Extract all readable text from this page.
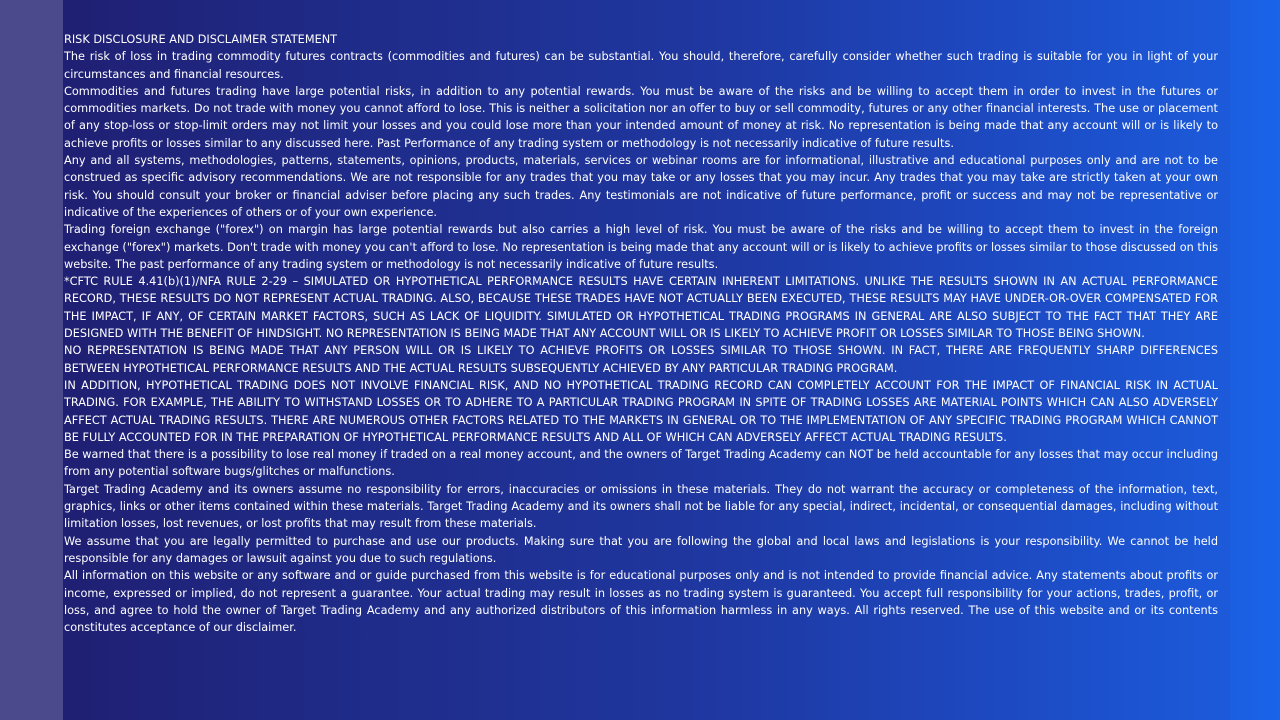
RISK DISCLOSURE AND DISCLAIMER STATEMENT

The risk of loss in trading commodity futures contracts (commodities and futures) can be substantial. You should, therefore, carefully consider whether such trading is suitable for you in light of your circumstances and financial resources.

Commodities and futures trading have large potential risks, in addition to any potential rewards. You must be aware of the risks and be willing to accept them in order to invest in the futures or commodities markets. Do not trade with money you cannot afford to lose. This is neither a solicitation nor an offer to buy or sell commodity, futures or any other financial interests. The use or placement of any stop-loss or stop-limit orders may not limit your losses and you could lose more than your intended amount of money at risk. No representation is being made that any account will or is likely to achieve profits or losses similar to any discussed here. Past Performance of any trading system or methodology is not necessarily indicative of future results.

Any and all systems, methodologies, patterns, statements, opinions, products, materials, services or webinar rooms are for informational, illustrative and educational purposes only and are not to be construed as specific advisory recommendations. We are not responsible for any trades that you may take or any losses that you may incur. Any trades that you may take are strictly taken at your own risk. You should consult your broker or financial adviser before placing any such trades. Any testimonials are not indicative of future performance, profit or success and may not be representative or indicative of the experiences of others or of your own experience.

Trading foreign exchange ("forex") on margin has large potential rewards but also carries a high level of risk. You must be aware of the risks and be willing to accept them to invest in the foreign exchange ("forex") markets. Don't trade with money you can't afford to lose. No representation is being made that any account will or is likely to achieve profits or losses similar to those discussed on this website. The past performance of any trading system or methodology is not necessarily indicative of future results.

*CFTC RULE 4.41(b)(1)/NFA RULE 2-29 – SIMULATED OR HYPOTHETICAL PERFORMANCE RESULTS HAVE CERTAIN INHERENT LIMITATIONS. UNLIKE THE RESULTS SHOWN IN AN ACTUAL PERFORMANCE RECORD, THESE RESULTS DO NOT REPRESENT ACTUAL TRADING. ALSO, BECAUSE THESE TRADES HAVE NOT ACTUALLY BEEN EXECUTED, THESE RESULTS MAY HAVE UNDER-OR-OVER COMPENSATED FOR THE IMPACT, IF ANY, OF CERTAIN MARKET FACTORS, SUCH AS LACK OF LIQUIDITY. SIMULATED OR HYPOTHETICAL TRADING PROGRAMS IN GENERAL ARE ALSO SUBJECT TO THE FACT THAT THEY ARE DESIGNED WITH THE BENEFIT OF HINDSIGHT. NO REPRESENTATION IS BEING MADE THAT ANY ACCOUNT WILL OR IS LIKELY TO ACHIEVE PROFIT OR LOSSES SIMILAR TO THOSE BEING SHOWN.

NO REPRESENTATION IS BEING MADE THAT ANY PERSON WILL OR IS LIKELY TO ACHIEVE PROFITS OR LOSSES SIMILAR TO THOSE SHOWN. IN FACT, THERE ARE FREQUENTLY SHARP DIFFERENCES BETWEEN HYPOTHETICAL PERFORMANCE RESULTS AND THE ACTUAL RESULTS SUBSEQUENTLY ACHIEVED BY ANY PARTICULAR TRADING PROGRAM.

IN ADDITION, HYPOTHETICAL TRADING DOES NOT INVOLVE FINANCIAL RISK, AND NO HYPOTHETICAL TRADING RECORD CAN COMPLETELY ACCOUNT FOR THE IMPACT OF FINANCIAL RISK IN ACTUAL TRADING. FOR EXAMPLE, THE ABILITY TO WITHSTAND LOSSES OR TO ADHERE TO A PARTICULAR TRADING PROGRAM IN SPITE OF TRADING LOSSES ARE MATERIAL POINTS WHICH CAN ALSO ADVERSELY AFFECT ACTUAL TRADING RESULTS. THERE ARE NUMEROUS OTHER FACTORS RELATED TO THE MARKETS IN GENERAL OR TO THE IMPLEMENTATION OF ANY SPECIFIC TRADING PROGRAM WHICH CANNOT BE FULLY ACCOUNTED FOR IN THE PREPARATION OF HYPOTHETICAL PERFORMANCE RESULTS AND ALL OF WHICH CAN ADVERSELY AFFECT ACTUAL TRADING RESULTS.

Be warned that there is a possibility to lose real money if traded on a real money account, and the owners of Target Trading Academy can NOT be held accountable for any losses that may occur including from any potential software bugs/glitches or malfunctions.

Target Trading Academy and its owners assume no responsibility for errors, inaccuracies or omissions in these materials. They do not warrant the accuracy or completeness of the information, text, graphics, links or other items contained within these materials. Target Trading Academy and its owners shall not be liable for any special, indirect, incidental, or consequential damages, including without limitation losses, lost revenues, or lost profits that may result from these materials.

We assume that you are legally permitted to purchase and use our products. Making sure that you are following the global and local laws and legislations is your responsibility. We cannot be held responsible for any damages or lawsuit against you due to such regulations.

All information on this website or any software and or guide purchased from this website is for educational purposes only and is not intended to provide financial advice. Any statements about profits or income, expressed or implied, do not represent a guarantee. Your actual trading may result in losses as no trading system is guaranteed. You accept full responsibility for your actions, trades, profit, or loss, and agree to hold the owner of Target Trading Academy and any authorized distributors of this information harmless in any ways. All rights reserved. The use of this website and or its contents constitutes acceptance of our disclaimer.
